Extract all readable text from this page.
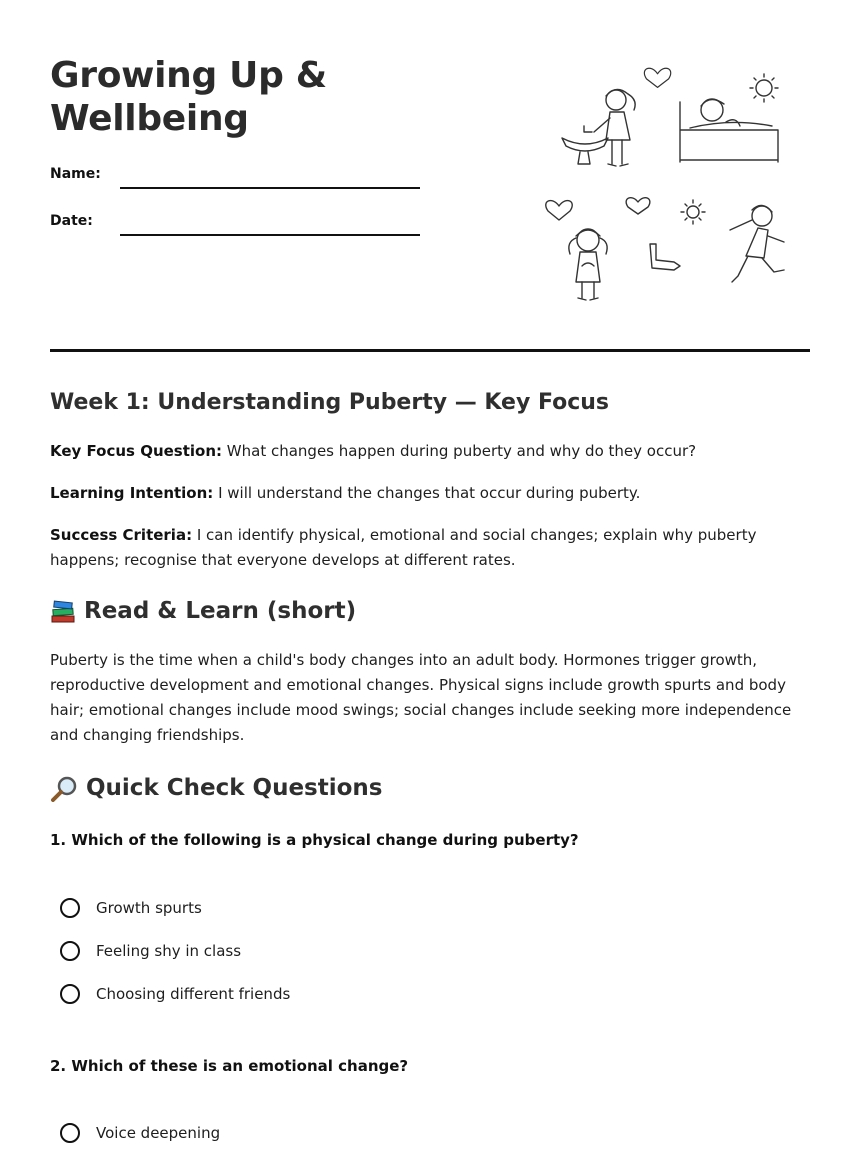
Growing Up &
Wellbeing
Name:
Date:
Week 1: Understanding Puberty — Key Focus

Key Focus Question: What changes happen during puberty and why do they occur?

Learning Intention: I will understand the changes that occur during puberty.

Success Criteria: I can identify physical, emotional and social changes; explain why puberty happens; recognise that everyone develops at different rates.

Read & Learn (short)

Puberty is the time when a child's body changes into an adult body. Hormones trigger growth, reproductive development and emotional changes. Physical signs include growth spurts and body hair; emotional changes include mood swings; social changes include seeking more independence and changing friendships.

Quick Check Questions

1. Which of the following is a physical change during puberty?

Growth spurts
Feeling shy in class
Choosing different friends

2. Which of these is an emotional change?

Voice deepening
